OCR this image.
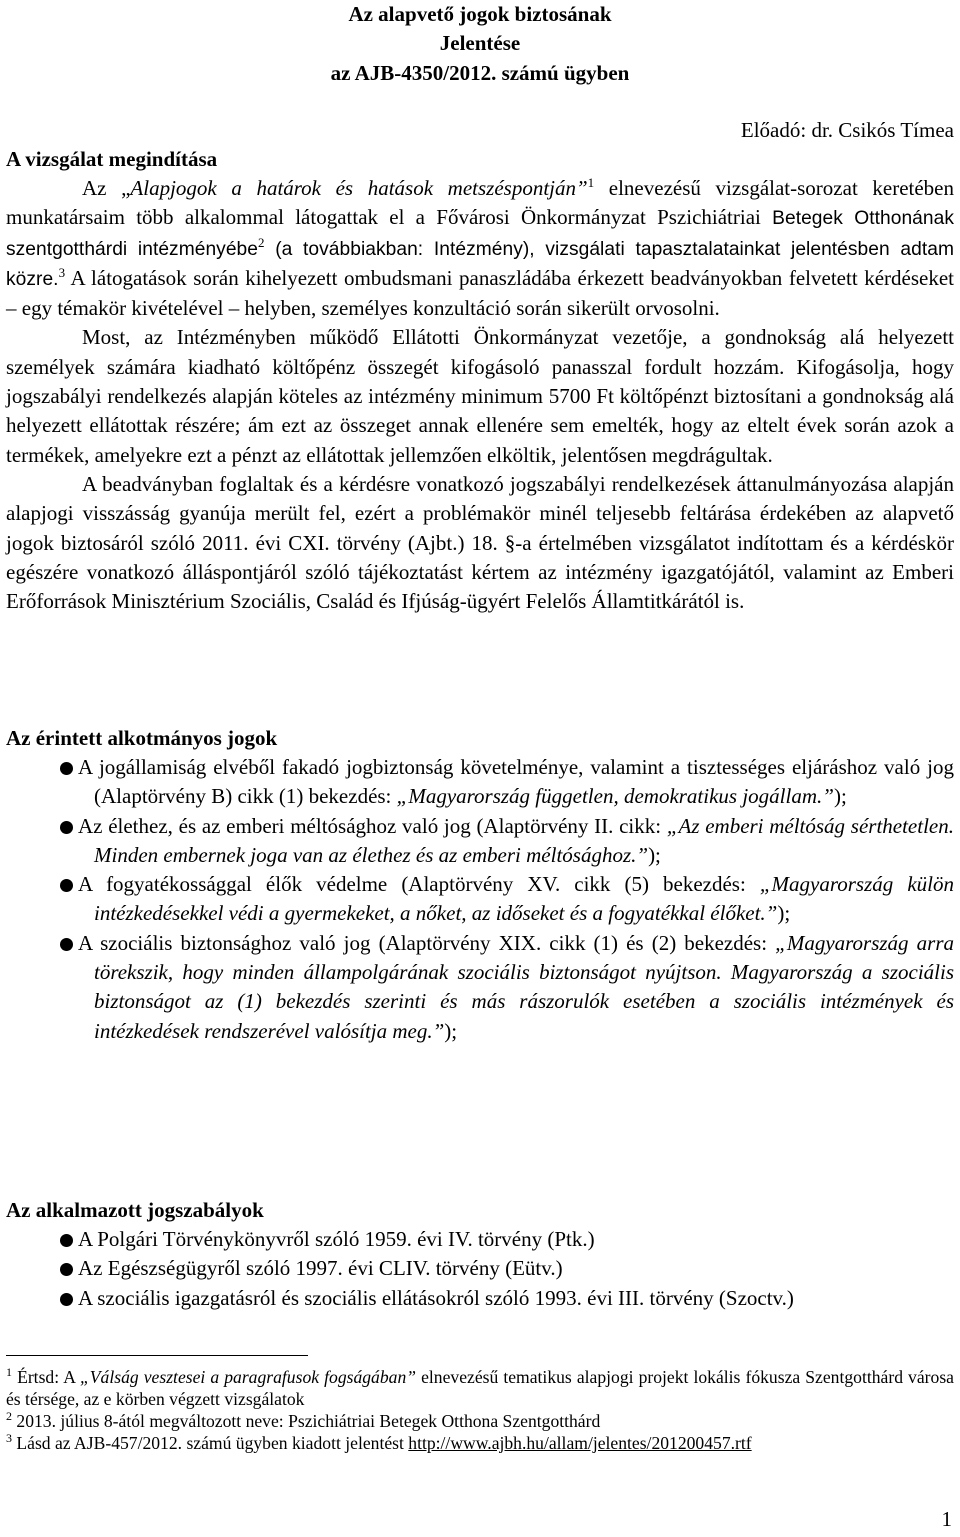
Az alapvető jogok biztosának
Jelentése
az AJB-4350/2012. számú ügyben
Előadó: dr. Csikós Tímea
A vizsgálat megindítása

Az „Alapjogok a határok és hatások metszéspontján”$^1$ elnevezésű vizsgálat-sorozat keretében munkatársaim több alkalommal látogattak el a Fővárosi Önkormányzat Pszichiátriai Betegek Otthonának szentgotthárdi intézményébe$^2$ (a továbbiakban: Intézmény), vizsgálati tapasztalatainkat jelentésben adtam közre.$^3$ A látogatások során kihelyezett ombudsmani panaszládába érkezett beadványokban felvetett kérdéseket – egy témakör kivételével – helyben, személyes konzultáció során sikerült orvosolni.

Most, az Intézményben működő Ellátotti Önkormányzat vezetője, a gondnokság alá helyezett személyek számára kiadható költőpénz összegét kifogásoló panasszal fordult hozzám. Kifogásolja, hogy jogszabályi rendelkezés alapján köteles az intézmény minimum 5700 Ft költőpénzt biztosítani a gondnokság alá helyezett ellátottak részére; ám ezt az összeget annak ellenére sem emelték, hogy az eltelt évek során azok a termékek, amelyekre ezt a pénzt az ellátottak jellemzően elköltik, jelentősen megdrágultak.

A beadványban foglaltak és a kérdésre vonatkozó jogszabályi rendelkezések áttanulmányozása alapján alapjogi visszásság gyanúja merült fel, ezért a problémakör minél teljesebb feltárása érdekében az alapvető jogok biztosáról szóló 2011. évi CXI. törvény (Ajbt.) 18. §-a értelmében vizsgálatot indítottam és a kérdéskör egészére vonatkozó álláspontjáról szóló tájékoztatást kértem az intézmény igazgatójától, valamint az Emberi Erőforrások Minisztérium Szociális, Család és Ifjúság-ügyért Felelős Államtitkárától is.

Az érintett alkotmányos jogok
A jogállamiság elvéből fakadó jogbiztonság követelménye, valamint a tisztességes eljáráshoz való jog (Alaptörvény B) cikk (1) bekezdés: „Magyarország független, demokratikus jogállam.”);
Az élethez, és az emberi méltósághoz való jog (Alaptörvény II. cikk: „Az emberi méltóság sérthetetlen. Minden embernek joga van az élethez és az emberi méltósághoz.”);
A fogyatékossággal élők védelme (Alaptörvény XV. cikk (5) bekezdés: „Magyarország külön intézkedésekkel védi a gyermekeket, a nőket, az időseket és a fogyatékkal élőket.”);
A szociális biztonsághoz való jog (Alaptörvény XIX. cikk (1) és (2) bekezdés: „Magyarország arra törekszik, hogy minden állampolgárának szociális biztonságot nyújtson. Magyarország a szociális biztonságot az (1) bekezdés szerinti és más rászorulók esetében a szociális intézmények és intézkedések rendszerével valósítja meg.”);
Az alkalmazott jogszabályok
A Polgári Törvénykönyvről szóló 1959. évi IV. törvény (Ptk.)
Az Egészségügyről szóló 1997. évi CLIV. törvény (Eütv.)
A szociális igazgatásról és szociális ellátásokról szóló 1993. évi III. törvény (Szoctv.)
$^1$ Értsd: A „Válság vesztesei a paragrafusok fogságában” elnevezésű tematikus alapjogi projekt lokális fókusza Szentgotthárd városa és térsége, az e körben végzett vizsgálatok
$^2$ 2013. július 8-ától megváltozott neve: Pszichiátriai Betegek Otthona Szentgotthárd
$^3$ Lásd az AJB-457/2012. számú ügyben kiadott jelentést http://www.ajbh.hu/allam/jelentes/201200457.rtf
1
